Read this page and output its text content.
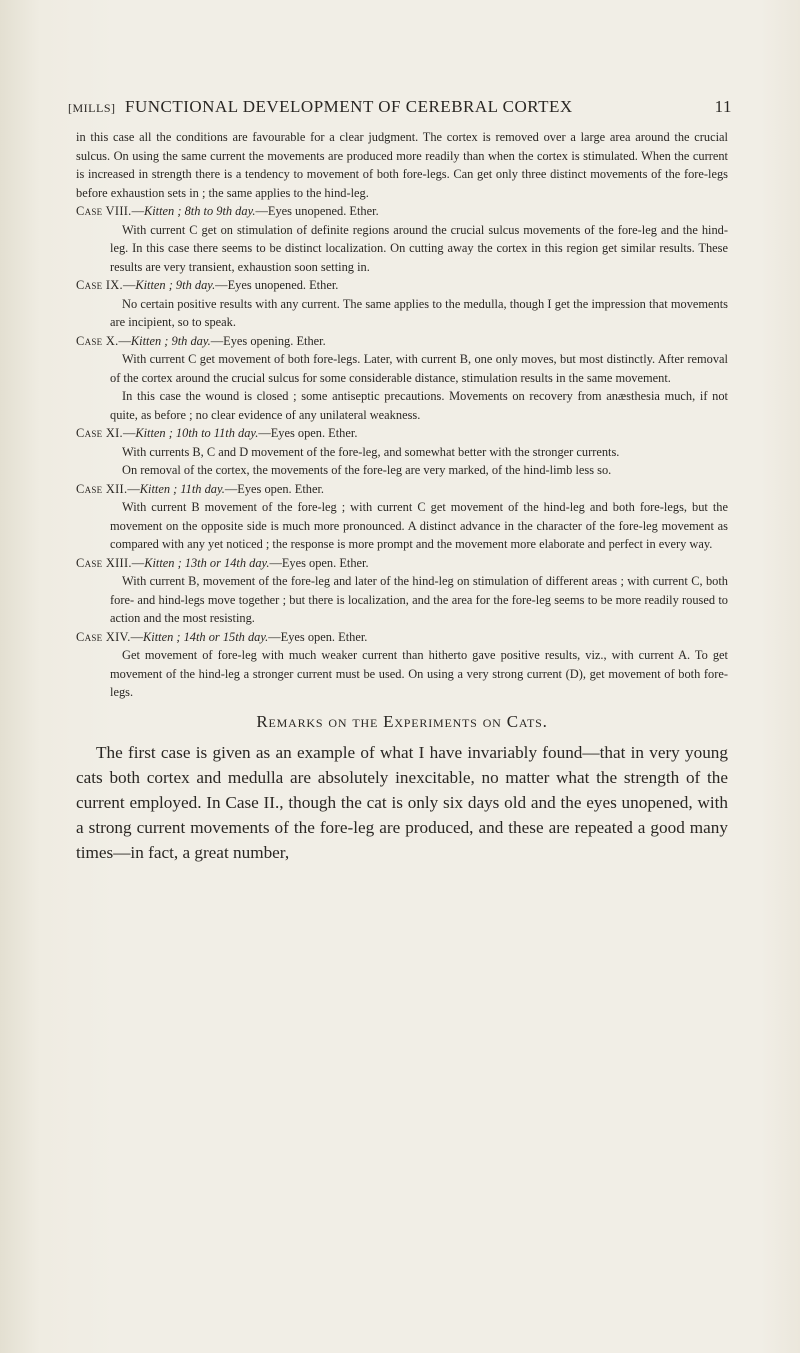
[MILLS] FUNCTIONAL DEVELOPMENT OF CEREBRAL CORTEX	11

in this case all the conditions are favourable for a clear judgment. The cortex is removed over a large area around the crucial sulcus. On using the same current the movements are produced more readily than when the cortex is stimulated. When the current is increased in strength there is a tendency to movement of both fore-legs. Can get only three distinct movements of the fore-legs before exhaustion sets in ; the same applies to the hind-leg.

Case VIII.—Kitten ; 8th to 9th day.—Eyes unopened. Ether.

With current C get on stimulation of definite regions around the crucial sulcus movements of the fore-leg and the hind-leg. In this case there seems to be distinct localization. On cutting away the cortex in this region get similar results. These results are very transient, exhaustion soon setting in.

Case IX.—Kitten ; 9th day.—Eyes unopened. Ether.

No certain positive results with any current. The same applies to the medulla, though I get the impression that movements are incipient, so to speak.

Case X.—Kitten ; 9th day.—Eyes opening. Ether.

With current C get movement of both fore-legs. Later, with current B, one only moves, but most distinctly. After removal of the cortex around the crucial sulcus for some considerable distance, stimulation results in the same movement.

In this case the wound is closed ; some antiseptic precautions. Movements on recovery from anæsthesia much, if not quite, as before ; no clear evidence of any unilateral weakness.

Case XI.—Kitten ; 10th to 11th day.—Eyes open. Ether.

With currents B, C and D movement of the fore-leg, and somewhat better with the stronger currents.

On removal of the cortex, the movements of the fore-leg are very marked, of the hind-limb less so.

Case XII.—Kitten ; 11th day.—Eyes open. Ether.

With current B movement of the fore-leg ; with current C get movement of the hind-leg and both fore-legs, but the movement on the opposite side is much more pronounced. A distinct advance in the character of the fore-leg movement as compared with any yet noticed ; the response is more prompt and the movement more elaborate and perfect in every way.

Case XIII.—Kitten ; 13th or 14th day.—Eyes open. Ether.

With current B, movement of the fore-leg and later of the hind-leg on stimulation of different areas ; with current C, both fore- and hind-legs move together ; but there is localization, and the area for the fore-leg seems to be more readily roused to action and the most resisting.

Case XIV.—Kitten ; 14th or 15th day.—Eyes open. Ether.

Get movement of fore-leg with much weaker current than hitherto gave positive results, viz., with current A. To get movement of the hind-leg a stronger current must be used. On using a very strong current (D), get movement of both fore-legs.

Remarks on the Experiments on Cats.

The first case is given as an example of what I have invariably found—that in very young cats both cortex and medulla are absolutely inexcitable, no matter what the strength of the current employed. In Case II., though the cat is only six days old and the eyes unopened, with a strong current movements of the fore-leg are produced, and these are repeated a good many times—in fact, a great number,
